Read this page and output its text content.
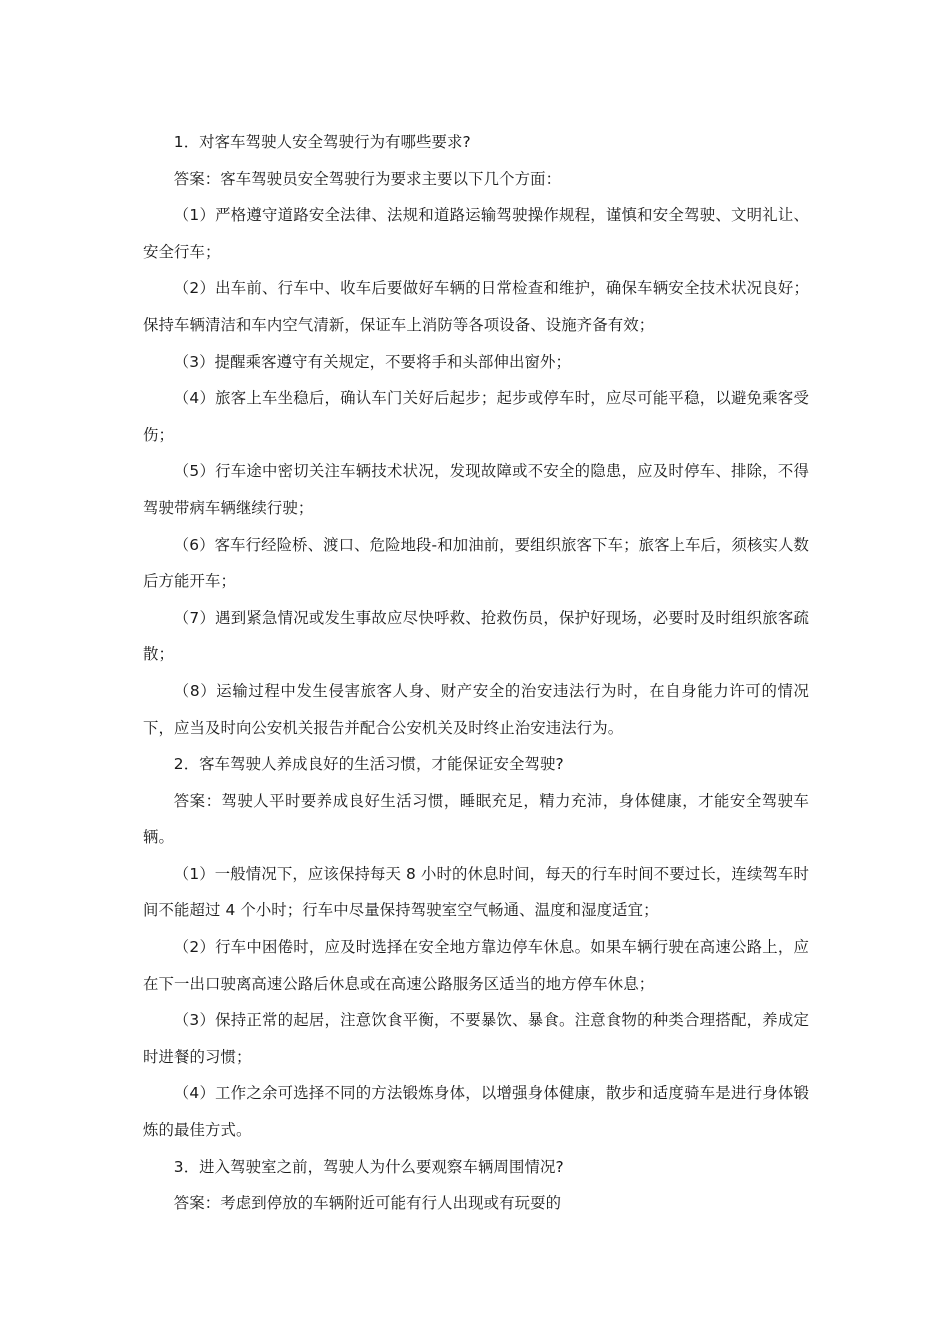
1．对客车驾驶人安全驾驶行为有哪些要求?

答案：客车驾驶员安全驾驶行为要求主要以下几个方面：

（1）严格遵守道路安全法律、法规和道路运输驾驶操作规程，谨慎和安全驾驶、文明礼让、安全行车；

（2）出车前、行车中、收车后要做好车辆的日常检查和维护，确保车辆安全技术状况良好；保持车辆清洁和车内空气清新，保证车上消防等各项设备、设施齐备有效；

（3）提醒乘客遵守有关规定，不要将手和头部伸出窗外；

（4）旅客上车坐稳后，确认车门关好后起步；起步或停车时，应尽可能平稳，以避免乘客受伤；

（5）行车途中密切关注车辆技术状况，发现故障或不安全的隐患，应及时停车、排除，不得驾驶带病车辆继续行驶；

（6）客车行经险桥、渡口、危险地段-和加油前，要组织旅客下车；旅客上车后，须核实人数后方能开车；

（7）遇到紧急情况或发生事故应尽快呼救、抢救伤员，保护好现场，必要时及时组织旅客疏散；

（8）运输过程中发生侵害旅客人身、财产安全的治安违法行为时，在自身能力许可的情况下，应当及时向公安机关报告并配合公安机关及时终止治安违法行为。

2．客车驾驶人养成良好的生活习惯，才能保证安全驾驶?

答案：驾驶人平时要养成良好生活习惯，睡眠充足，精力充沛，身体健康，才能安全驾驶车辆。

（1）一般情况下，应该保持每天 8 小时的休息时间，每天的行车时间不要过长，连续驾车时间不能超过 4 个小时；行车中尽量保持驾驶室空气畅通、温度和湿度适宜；

（2）行车中困倦时，应及时选择在安全地方靠边停车休息。如果车辆行驶在高速公路上，应在下一出口驶离高速公路后休息或在高速公路服务区适当的地方停车休息；

（3）保持正常的起居，注意饮食平衡，不要暴饮、暴食。注意食物的种类合理搭配，养成定时进餐的习惯；

（4）工作之余可选择不同的方法锻炼身体，以增强身体健康，散步和适度骑车是进行身体锻炼的最佳方式。

3．进入驾驶室之前，驾驶人为什么要观察车辆周围情况?

答案：考虑到停放的车辆附近可能有行人出现或有玩耍的
